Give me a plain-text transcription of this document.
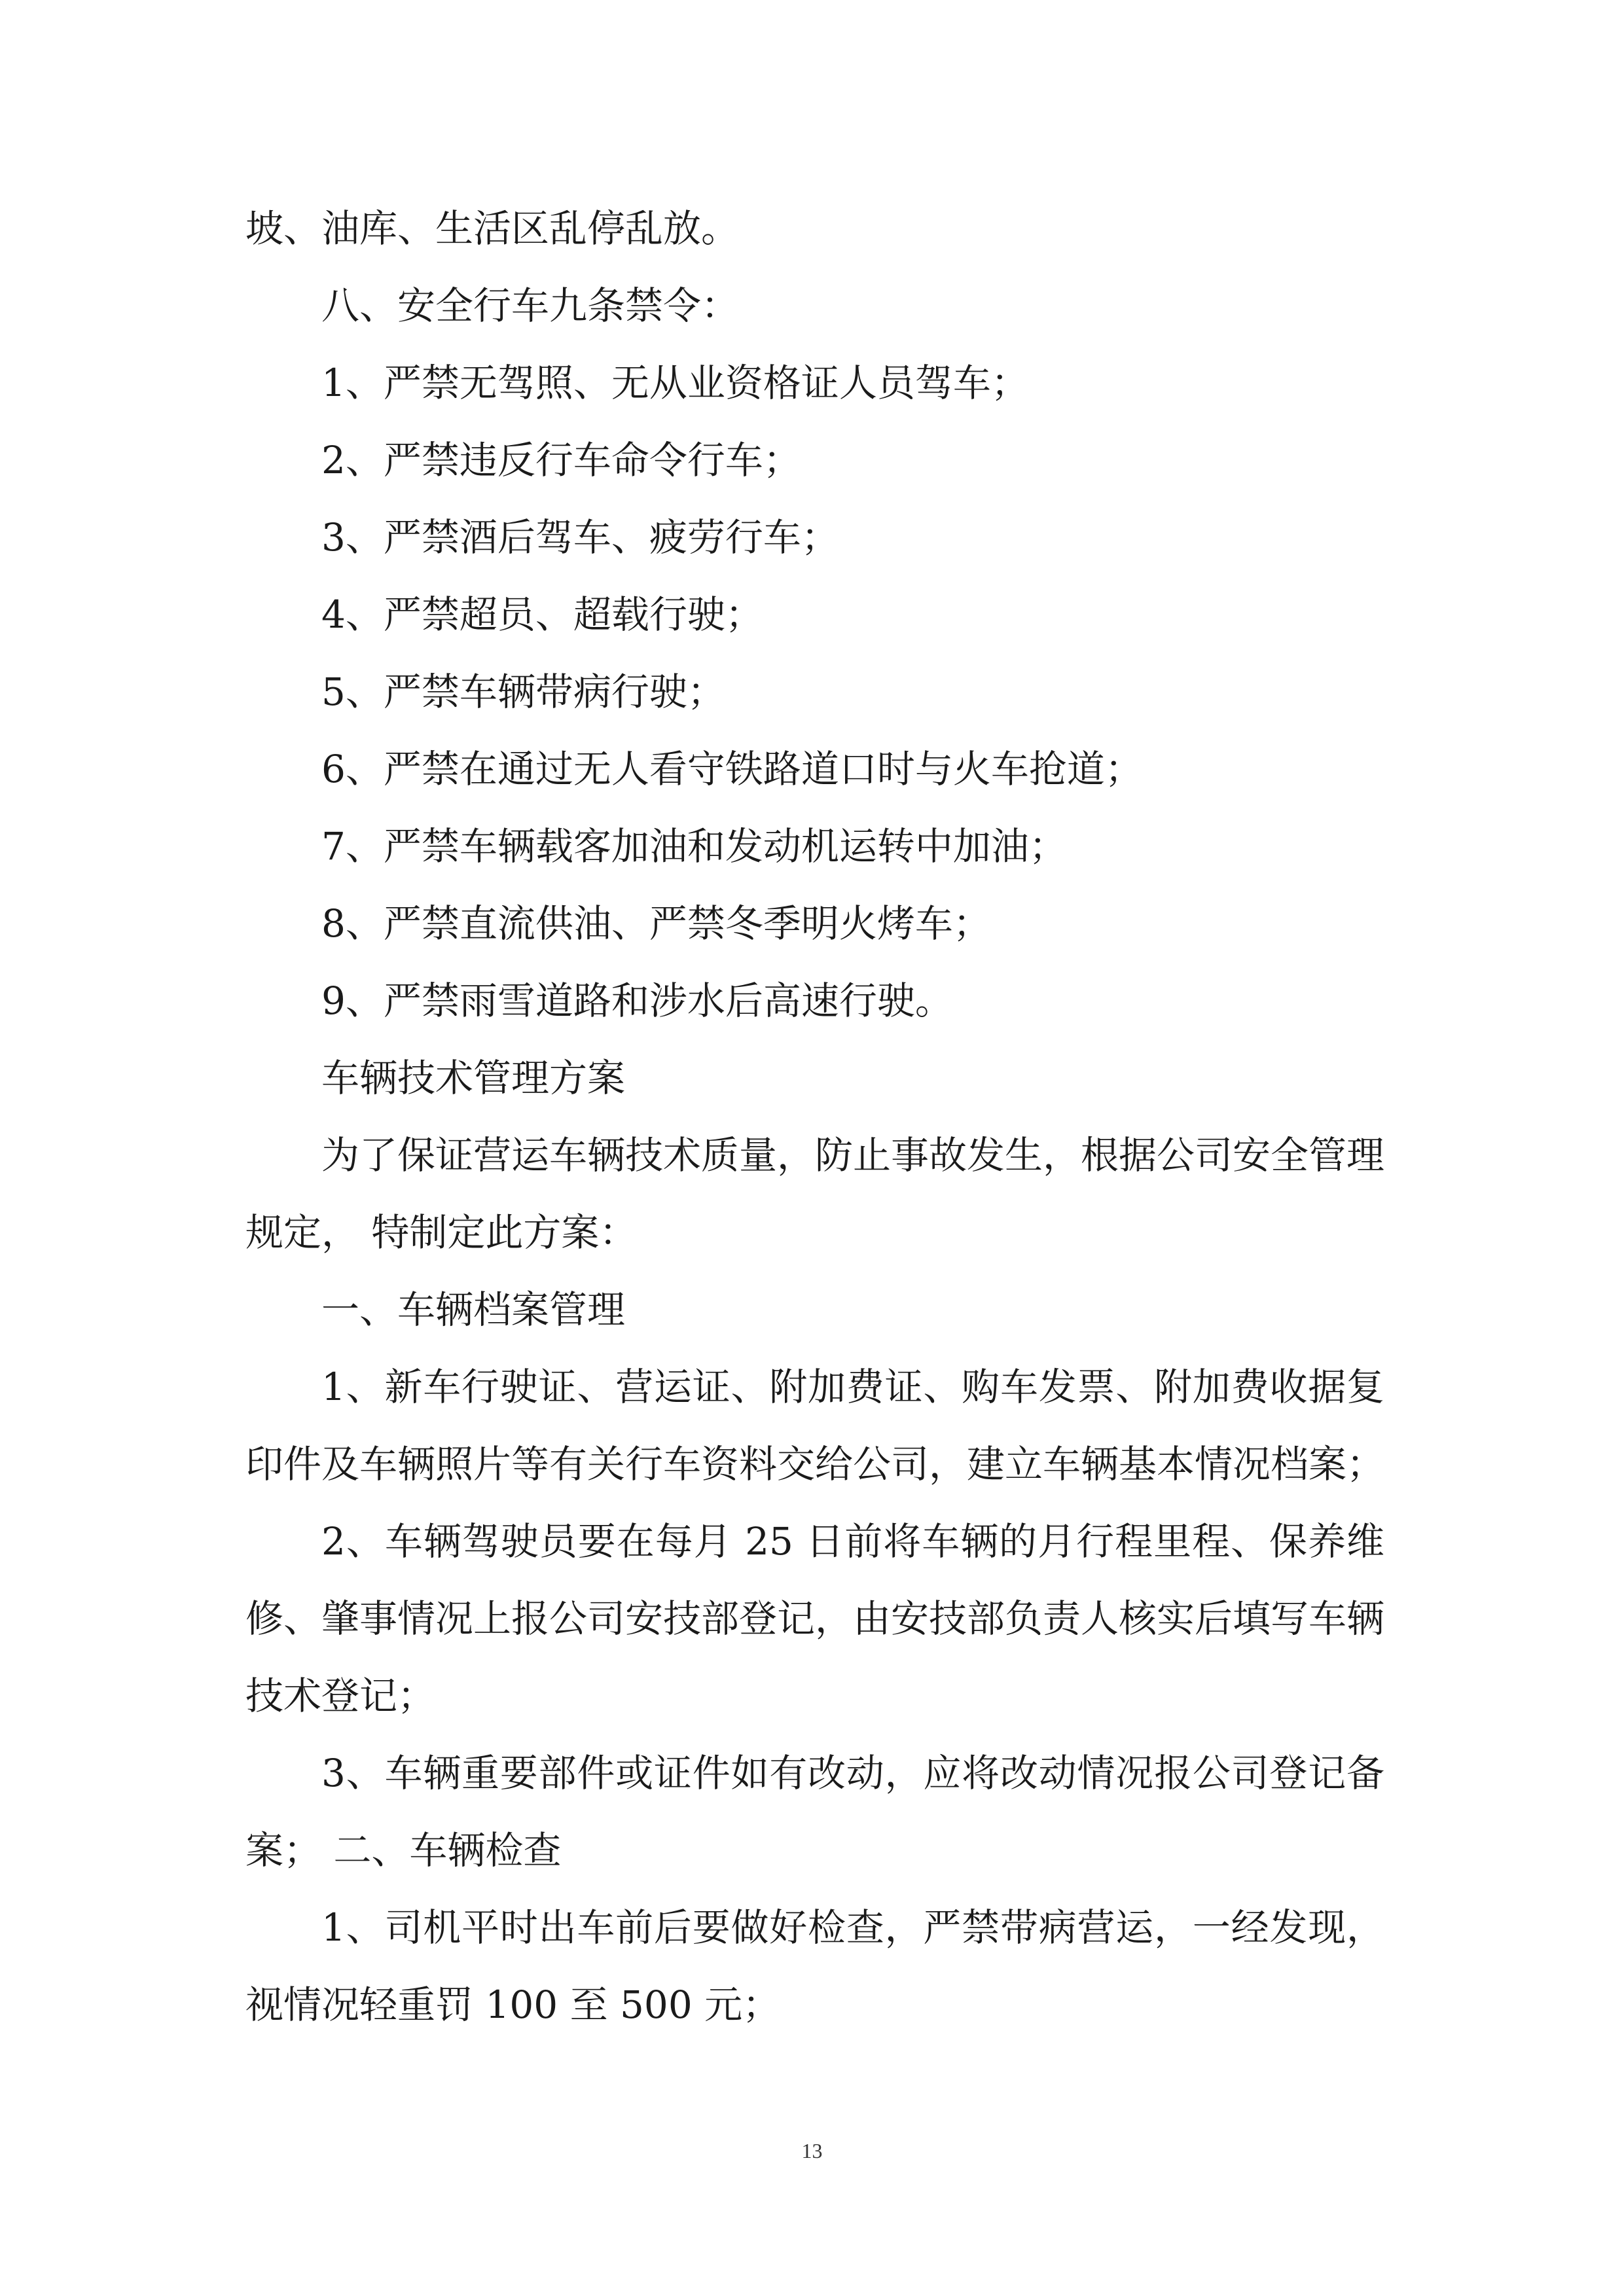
坡、油库、生活区乱停乱放。

八、安全行车九条禁令：

1、严禁无驾照、无从业资格证人员驾车；

2、严禁违反行车命令行车；

3、严禁酒后驾车、疲劳行车；

4、严禁超员、超载行驶；

5、严禁车辆带病行驶；

6、严禁在通过无人看守铁路道口时与火车抢道；

7、严禁车辆载客加油和发动机运转中加油；

8、严禁直流供油、严禁冬季明火烤车；

9、严禁雨雪道路和涉水后高速行驶。

车辆技术管理方案

为了保证营运车辆技术质量，防止事故发生，根据公司安全管理规定， 特制定此方案：

一、车辆档案管理

1、新车行驶证、营运证、附加费证、购车发票、附加费收据复印件及车辆照片等有关行车资料交给公司，建立车辆基本情况档案；

2、车辆驾驶员要在每月 25 日前将车辆的月行程里程、保养维修、肇事情况上报公司安技部登记，由安技部负责人核实后填写车辆技术登记；

3、车辆重要部件或证件如有改动，应将改动情况报公司登记备案； 二、车辆检查

1、司机平时出车前后要做好检查，严禁带病营运，一经发现，视情况轻重罚 100 至 500 元；

13
